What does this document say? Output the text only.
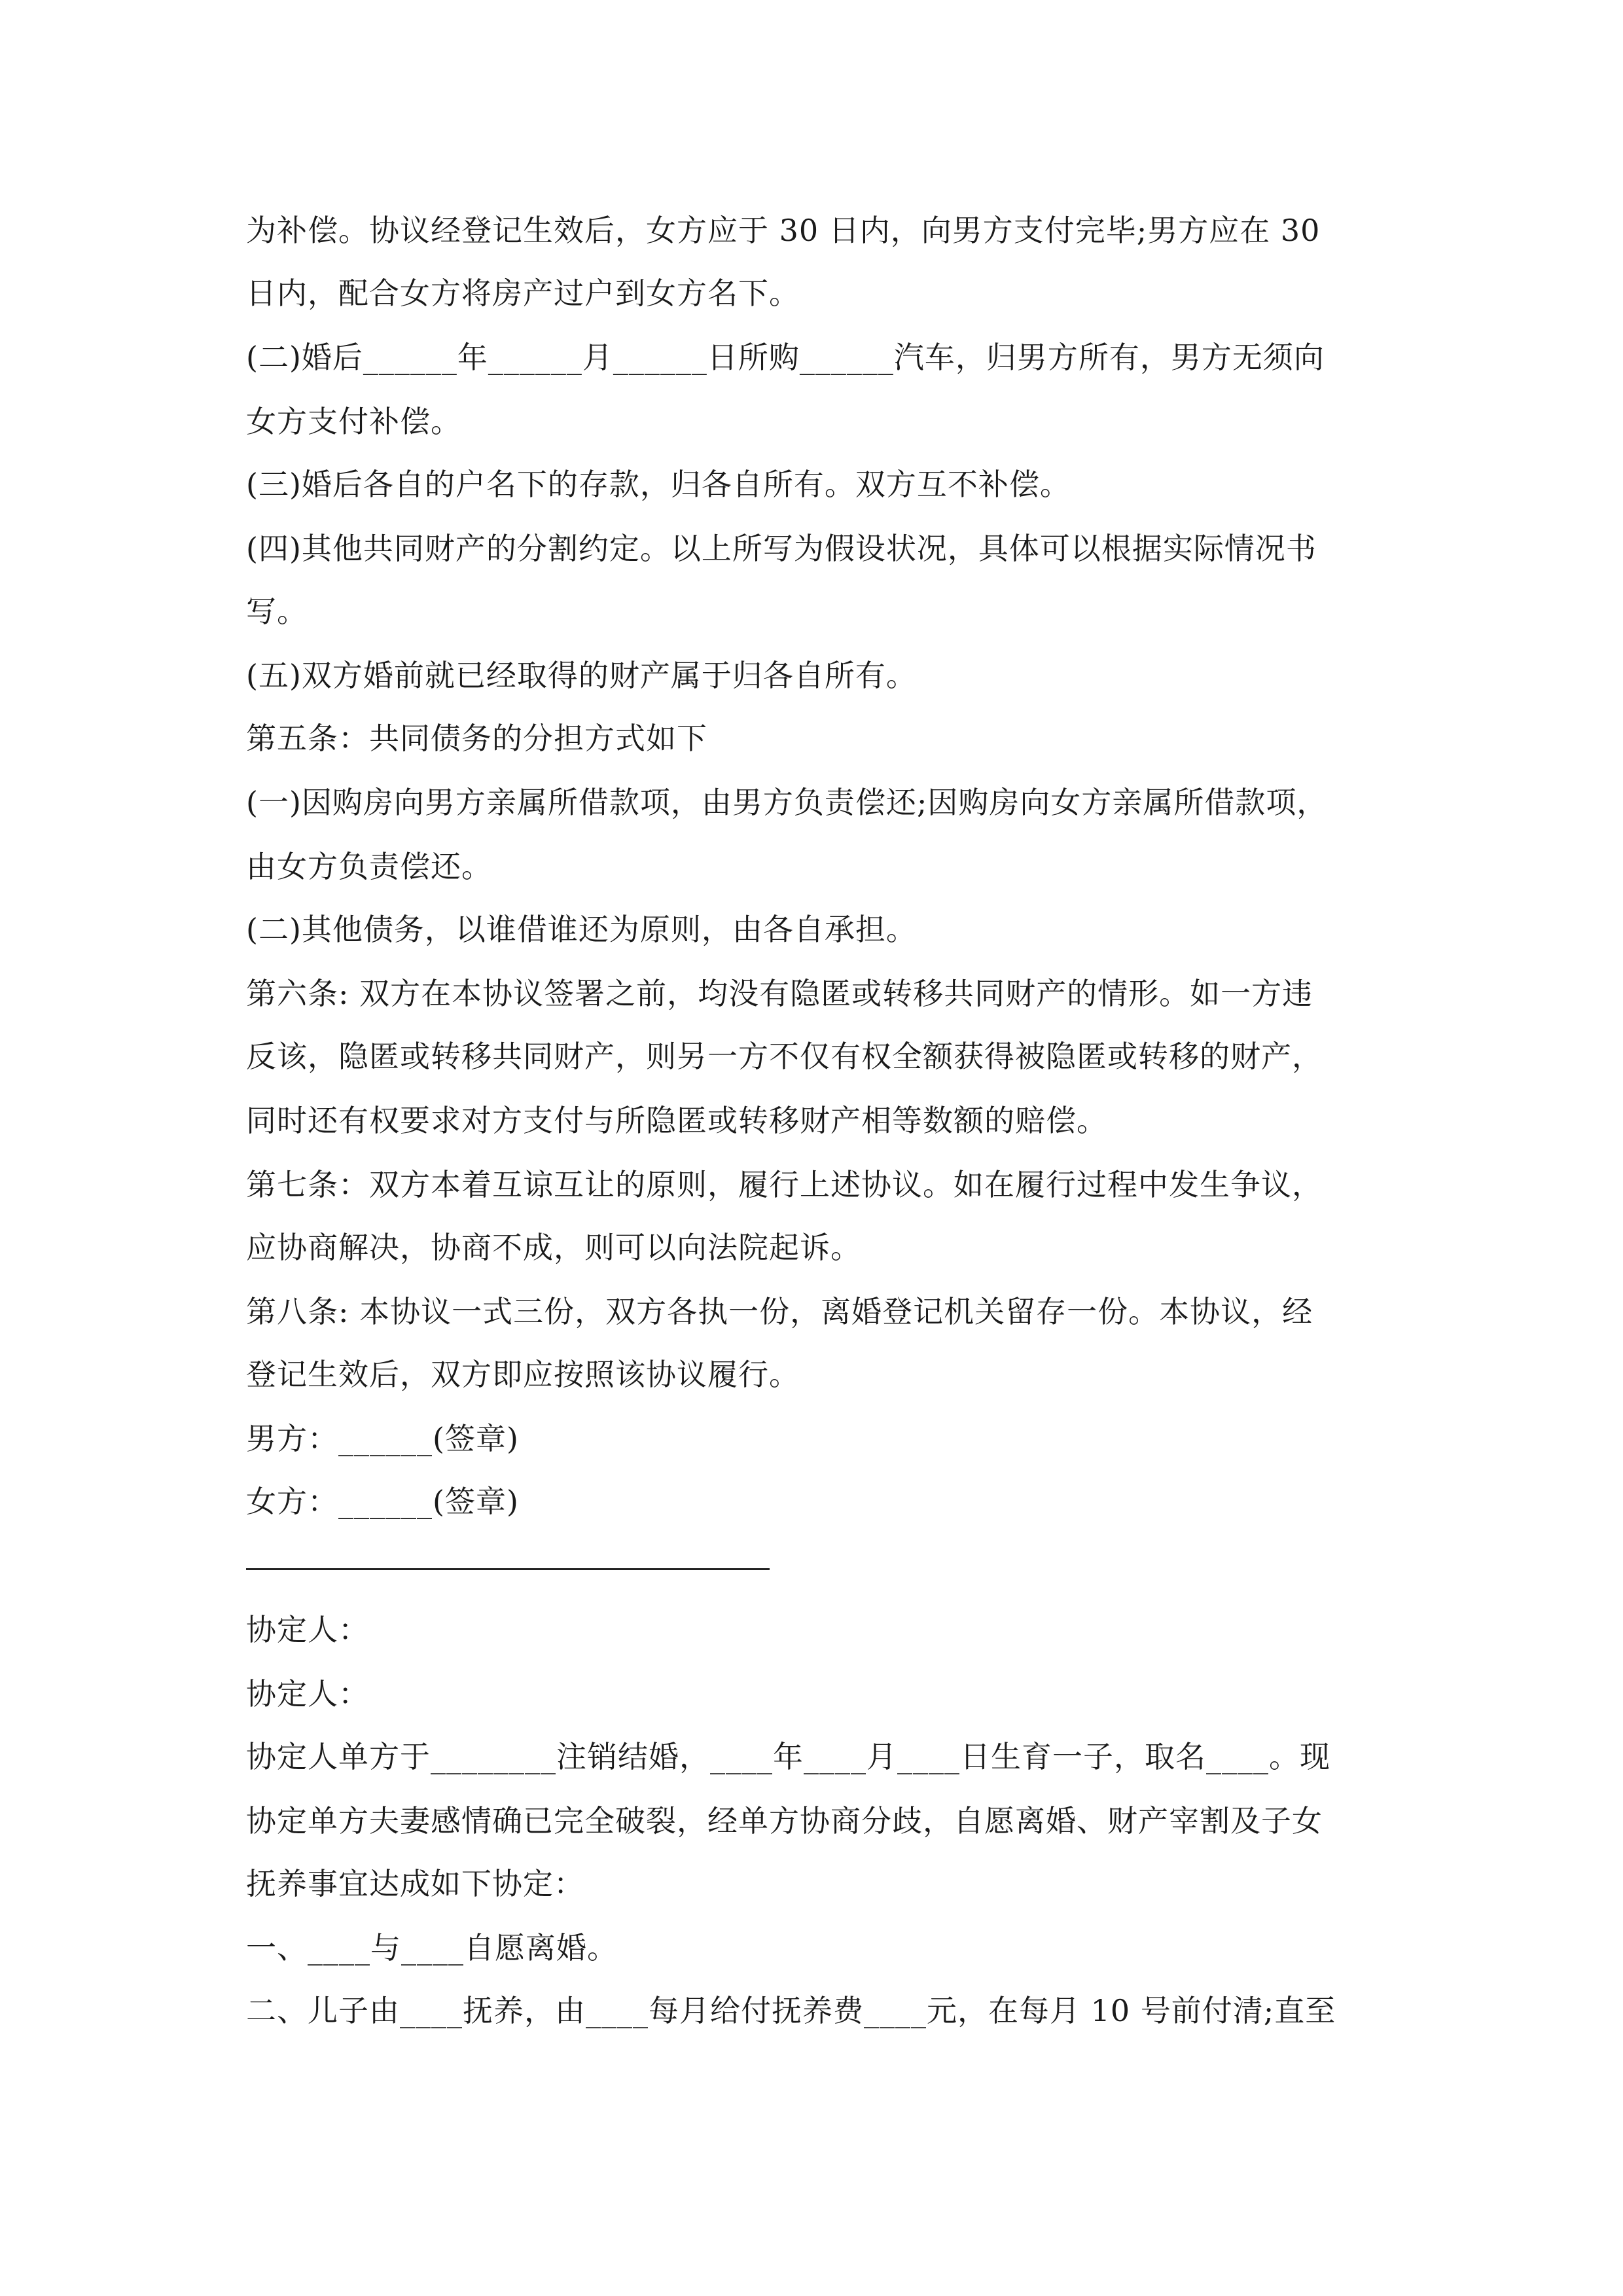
为补偿。协议经登记生效后，女方应于 30 日内，向男方支付完毕;男方应在 30
日内，配合女方将房产过户到女方名下。
(二)婚后______年______月______日所购______汽车，归男方所有，男方无须向
女方支付补偿。
(三)婚后各自的户名下的存款，归各自所有。双方互不补偿。
(四)其他共同财产的分割约定。以上所写为假设状况，具体可以根据实际情况书
写。
(五)双方婚前就已经取得的财产属于归各自所有。
第五条：共同债务的分担方式如下
(一)因购房向男方亲属所借款项，由男方负责偿还;因购房向女方亲属所借款项，
由女方负责偿还。
(二)其他债务，以谁借谁还为原则，由各自承担。
第六条: 双方在本协议签署之前，均没有隐匿或转移共同财产的情形。如一方违
反该，隐匿或转移共同财产，则另一方不仅有权全额获得被隐匿或转移的财产，
同时还有权要求对方支付与所隐匿或转移财产相等数额的赔偿。
第七条：双方本着互谅互让的原则，履行上述协议。如在履行过程中发生争议，
应协商解决，协商不成，则可以向法院起诉。
第八条: 本协议一式三份，双方各执一份，离婚登记机关留存一份。本协议，经
登记生效后，双方即应按照该协议履行。
男方：______(签章)
女方：______(签章)
协定人：
协定人：
协定人单方于________注销结婚，____年____月____日生育一子，取名____。现
协定单方夫妻感情确已完全破裂，经单方协商分歧，自愿离婚、财产宰割及子女
抚养事宜达成如下协定：
一、____与____自愿离婚。
二、儿子由____抚养，由____每月给付抚养费____元，在每月 10 号前付清;直至
